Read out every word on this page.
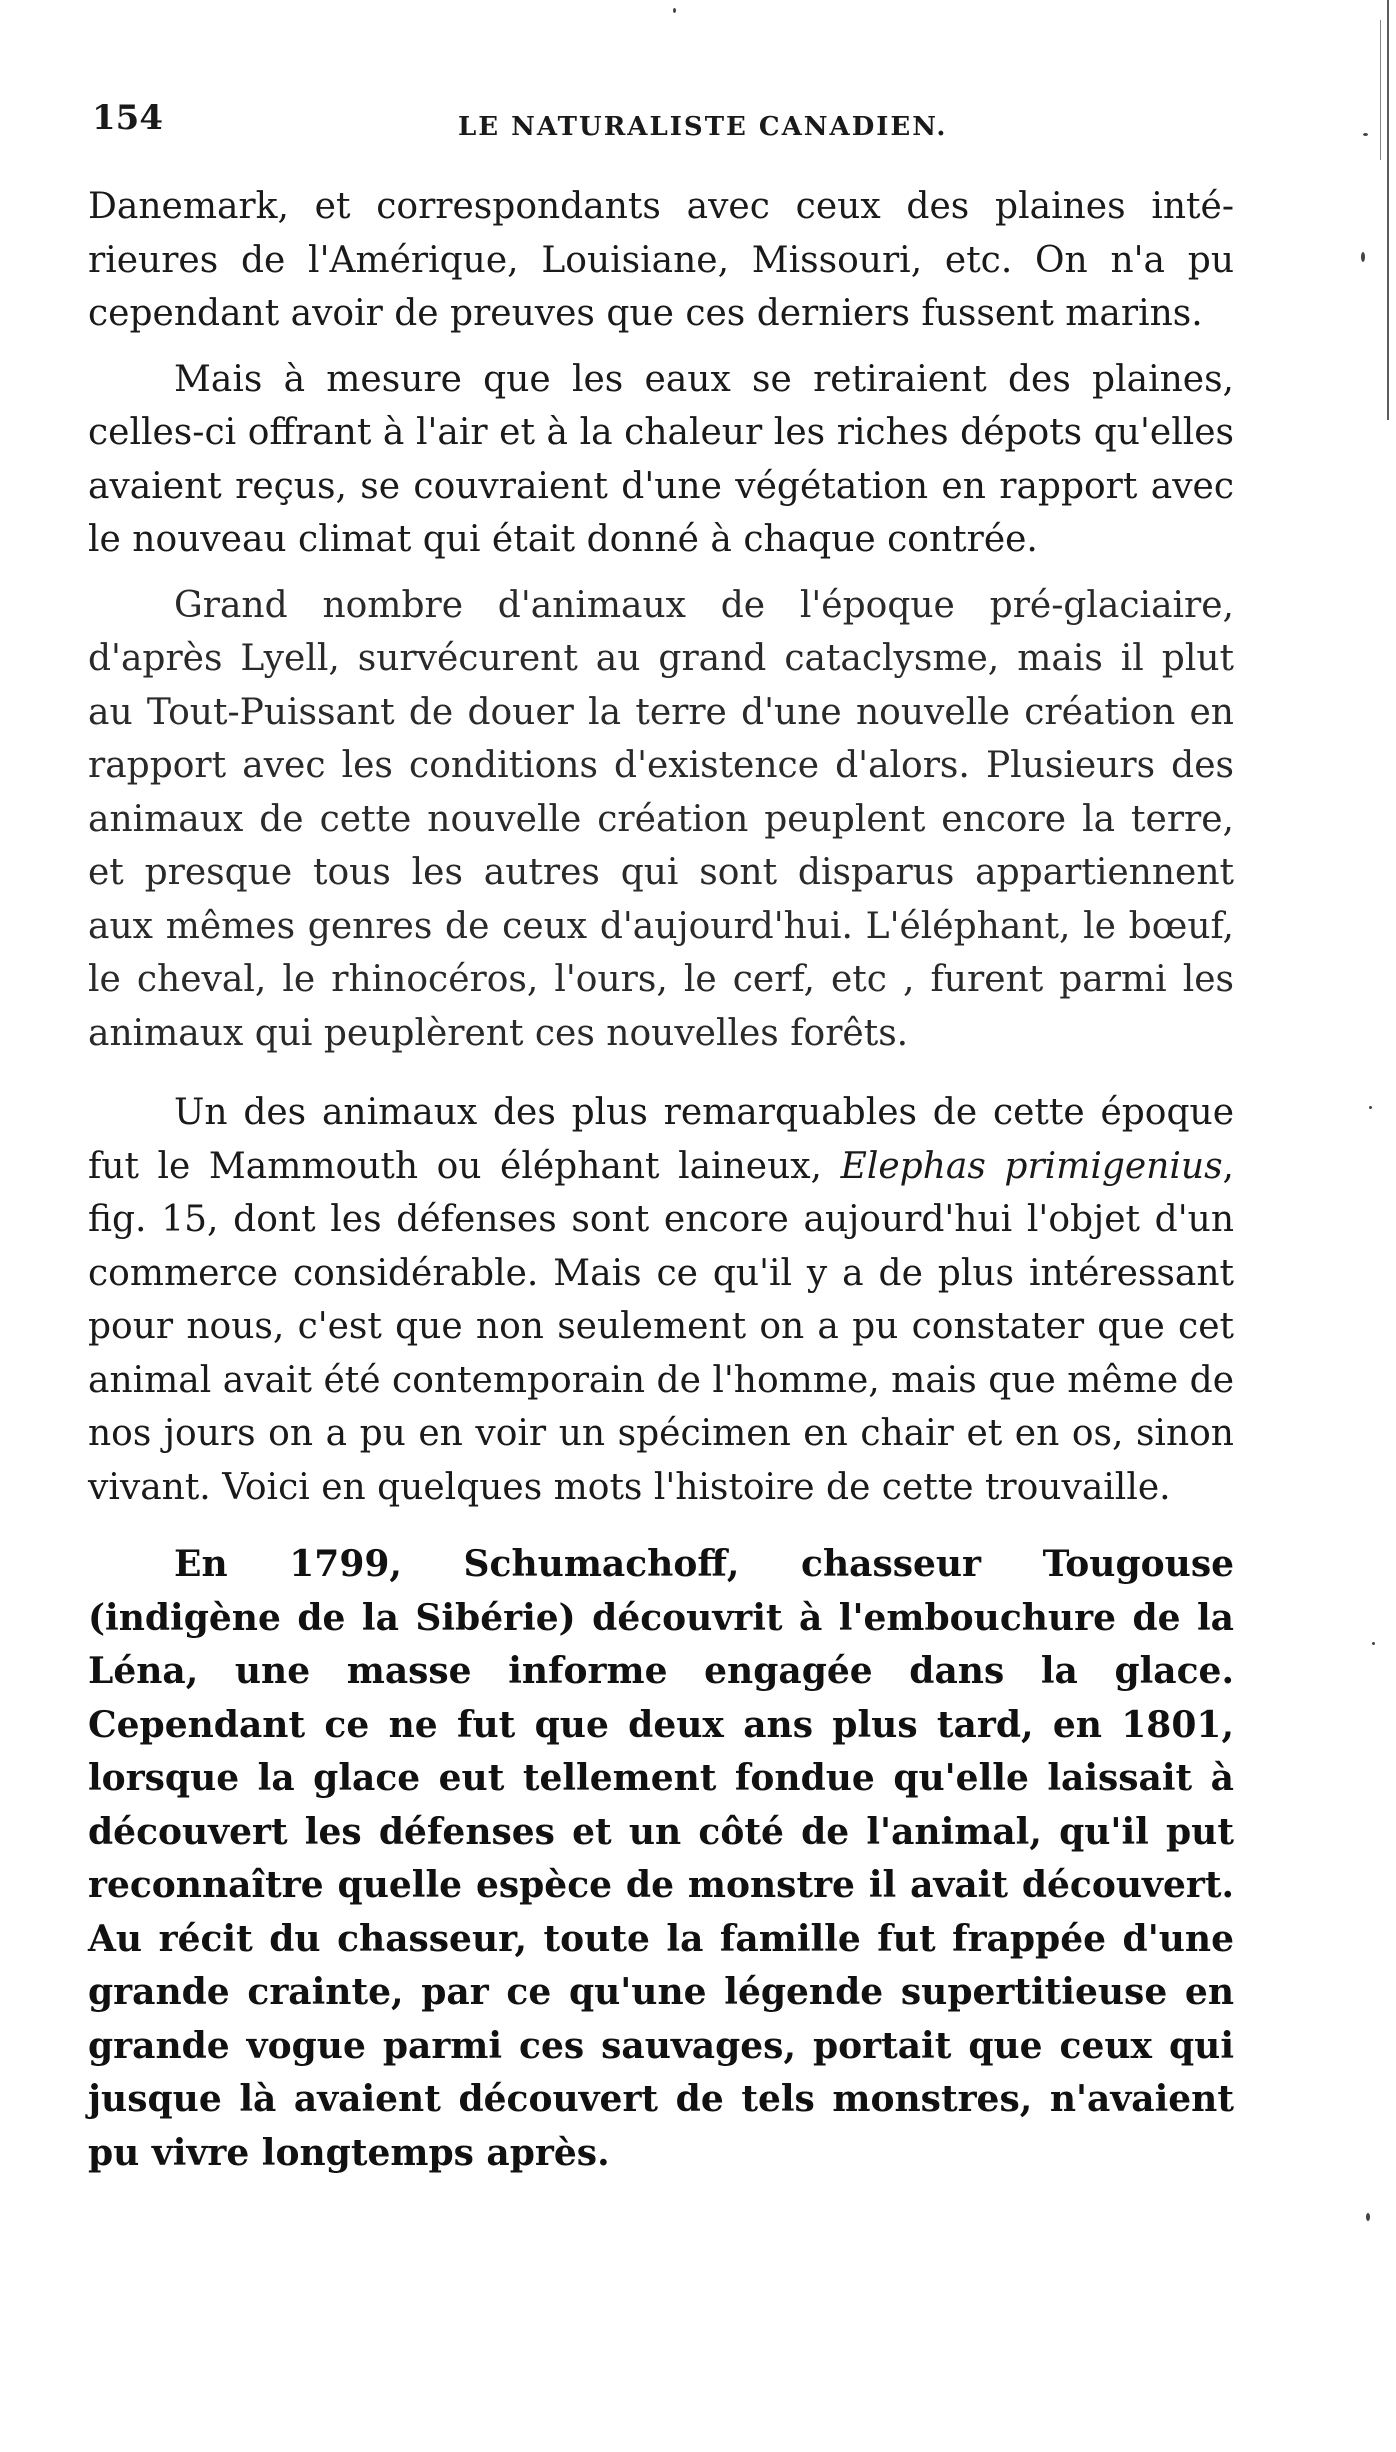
154	LE NATURALISTE CANADIEN.

Danemark, et correspondants avec ceux des plaines intérieures de l'Amérique, Louisiane, Missouri, etc. On n'a pu cependant avoir de preuves que ces derniers fussent marins.

Mais à mesure que les eaux se retiraient des plaines, celles-ci offrant à l'air et à la chaleur les riches dépots qu'elles avaient reçus, se couvraient d'une végétation en rapport avec le nouveau climat qui était donné à chaque contrée.

Grand nombre d'animaux de l'époque pré-glaciaire, d'après Lyell, survécurent au grand cataclysme, mais il plut au Tout-Puissant de douer la terre d'une nouvelle création en rapport avec les conditions d'existence d'alors. Plusieurs des animaux de cette nouvelle création peuplent encore la terre, et presque tous les autres qui sont disparus appartiennent aux mêmes genres de ceux d'aujourd'hui. L'éléphant, le bœuf, le cheval, le rhinocéros, l'ours, le cerf, etc , furent parmi les animaux qui peuplèrent ces nouvelles forêts.

Un des animaux des plus remarquables de cette époque fut le Mammouth ou éléphant laineux, Elephas primigenius, fig. 15, dont les défenses sont encore aujourd'hui l'objet d'un commerce considérable. Mais ce qu'il y a de plus intéressant pour nous, c'est que non seulement on a pu constater que cet animal avait été contemporain de l'homme, mais que même de nos jours on a pu en voir un spécimen en chair et en os, sinon vivant. Voici en quelques mots l'histoire de cette trouvaille.

En 1799, Schumachoff, chasseur Tougouse (indigène de la Sibérie) découvrit à l'embouchure de la Léna, une masse informe engagée dans la glace. Cependant ce ne fut que deux ans plus tard, en 1801, lorsque la glace eut tellement fondue qu'elle laissait à découvert les défenses et un côté de l'animal, qu'il put reconnaître quelle espèce de monstre il avait découvert. Au récit du chasseur, toute la famille fut frappée d'une grande crainte, par ce qu'une légende supertitieuse en grande vogue parmi ces sauvages, portait que ceux qui jusque là avaient découvert de tels monstres, n'avaient pu vivre longtemps après.
